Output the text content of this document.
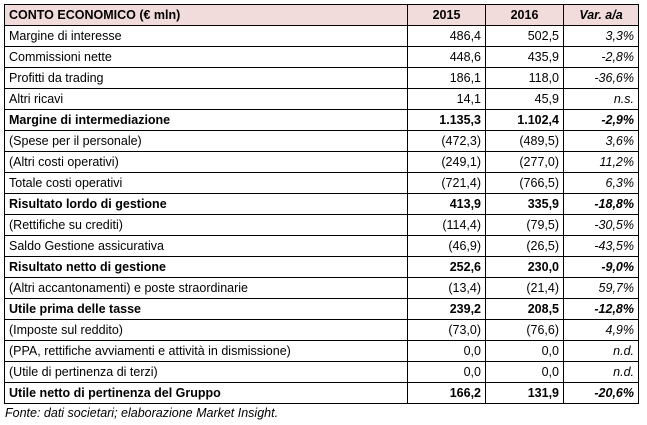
CONTO ECONOMICO (€ mln)	2015	2016	Var. a/a
Margine di interesse	486,4	502,5	3,3%
Commissioni nette	448,6	435,9	-2,8%
Profitti da trading	186,1	118,0	-36,6%
Altri ricavi	14,1	45,9	n.s.
Margine di intermediazione	1.135,3	1.102,4	-2,9%
(Spese per il personale)	(472,3)	(489,5)	3,6%
(Altri costi operativi)	(249,1)	(277,0)	11,2%
Totale costi operativi	(721,4)	(766,5)	6,3%
Risultato lordo di gestione	413,9	335,9	-18,8%
(Rettifiche su crediti)	(114,4)	(79,5)	-30,5%
Saldo Gestione assicurativa	(46,9)	(26,5)	-43,5%
Risultato netto di gestione	252,6	230,0	-9,0%
(Altri accantonamenti) e poste straordinarie	(13,4)	(21,4)	59,7%
Utile prima delle tasse	239,2	208,5	-12,8%
(Imposte sul reddito)	(73,0)	(76,6)	4,9%
(PPA, rettifiche avviamenti e attività in dismissione)	0,0	0,0	n.d.
(Utile di pertinenza di terzi)	0,0	0,0	n.d.
Utile netto di pertinenza del Gruppo	166,2	131,9	-20,6%
Fonte: dati societari; elaborazione Market Insight.
